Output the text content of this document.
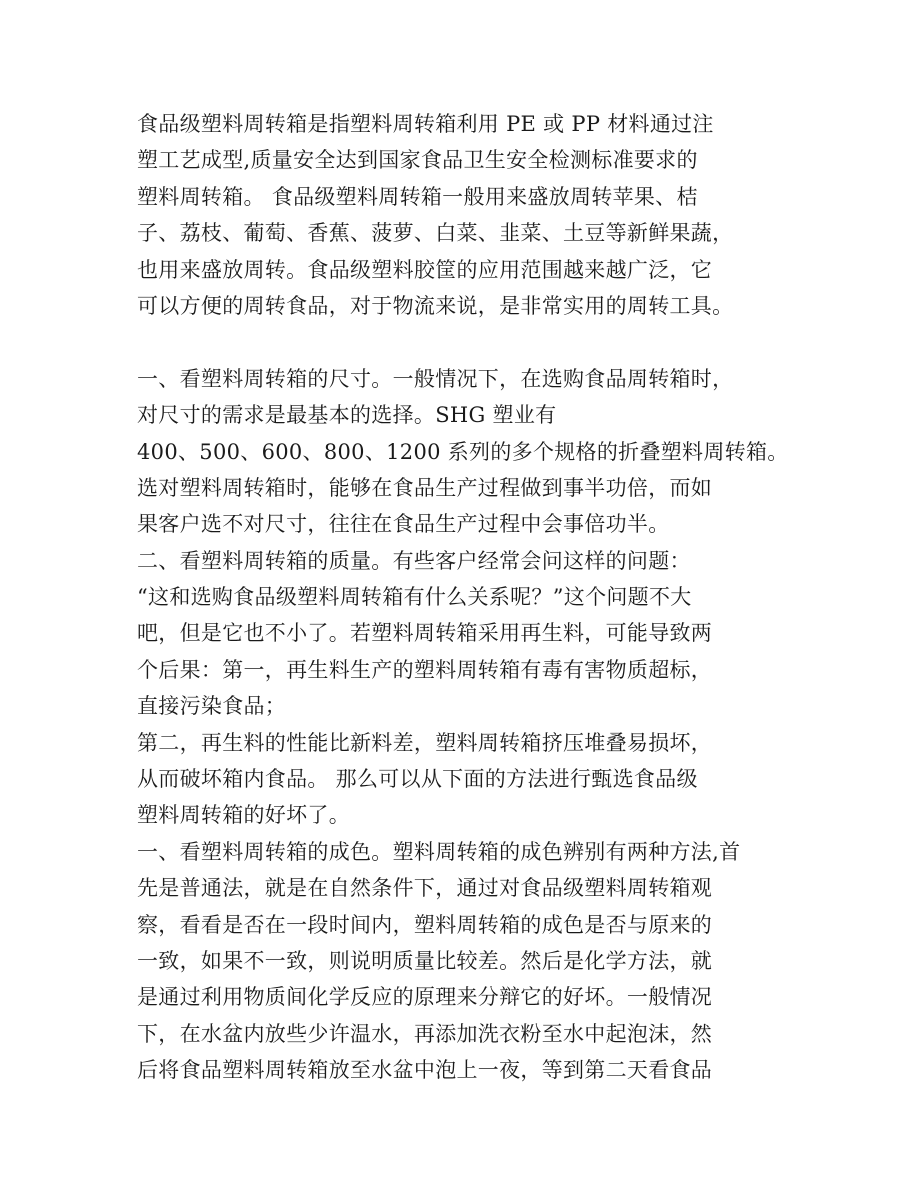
食品级塑料周转箱是指塑料周转箱利用 PE 或 PP 材料通过注
塑工艺成型,质量安全达到国家食品卫生安全检测标准要求的
塑料周转箱。 食品级塑料周转箱一般用来盛放周转苹果、桔
子、荔枝、葡萄、香蕉、菠萝、白菜、韭菜、土豆等新鲜果蔬，
也用来盛放周转。食品级塑料胶筐的应用范围越来越广泛，它
可以方便的周转食品，对于物流来说，是非常实用的周转工具。
一、看塑料周转箱的尺寸。一般情况下，在选购食品周转箱时，
对尺寸的需求是最基本的选择。SHG 塑业有
400、500、600、800、1200 系列的多个规格的折叠塑料周转箱。
选对塑料周转箱时，能够在食品生产过程做到事半功倍，而如
果客户选不对尺寸，往往在食品生产过程中会事倍功半。
二、看塑料周转箱的质量。有些客户经常会问这样的问题：
“这和选购食品级塑料周转箱有什么关系呢？”这个问题不大
吧，但是它也不小了。若塑料周转箱采用再生料，可能导致两
个后果：第一，再生料生产的塑料周转箱有毒有害物质超标，
直接污染食品；
第二，再生料的性能比新料差，塑料周转箱挤压堆叠易损坏，
从而破坏箱内食品。 那么可以从下面的方法进行甄选食品级
塑料周转箱的好坏了。
一、看塑料周转箱的成色。塑料周转箱的成色辨别有两种方法,首
先是普通法，就是在自然条件下，通过对食品级塑料周转箱观
察，看看是否在一段时间内，塑料周转箱的成色是否与原来的
一致，如果不一致，则说明质量比较差。然后是化学方法，就
是通过利用物质间化学反应的原理来分辩它的好坏。一般情况
下，在水盆内放些少许温水，再添加洗衣粉至水中起泡沫，然
后将食品塑料周转箱放至水盆中泡上一夜，等到第二天看食品
